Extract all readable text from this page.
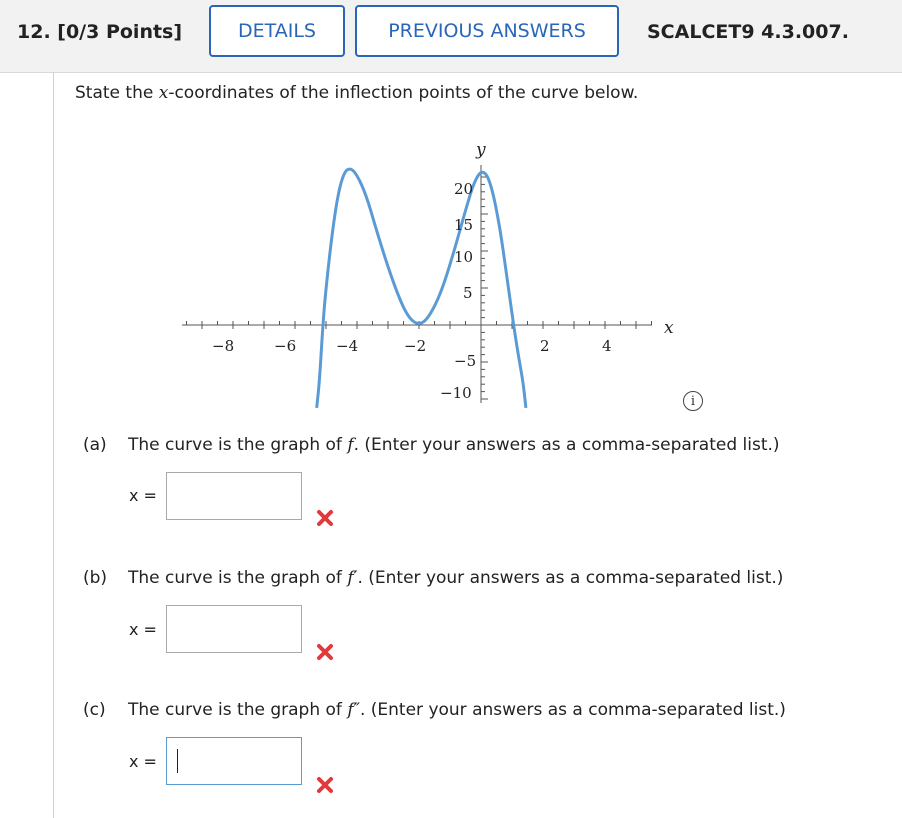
12. [0/3 Points]	DETAILS	PREVIOUS ANSWERS	SCALCET9 4.3.007.
State the x-coordinates of the inflection points of the curve below.
y
x
−8	−6	−4	−2	2	4
20
15
10
5
−5
−10	i
(a) The curve is the graph of f. (Enter your answers as a comma-separated list.)
x =
(b) The curve is the graph of f′. (Enter your answers as a comma-separated list.)
x =
(c) The curve is the graph of f″. (Enter your answers as a comma-separated list.)
x =
